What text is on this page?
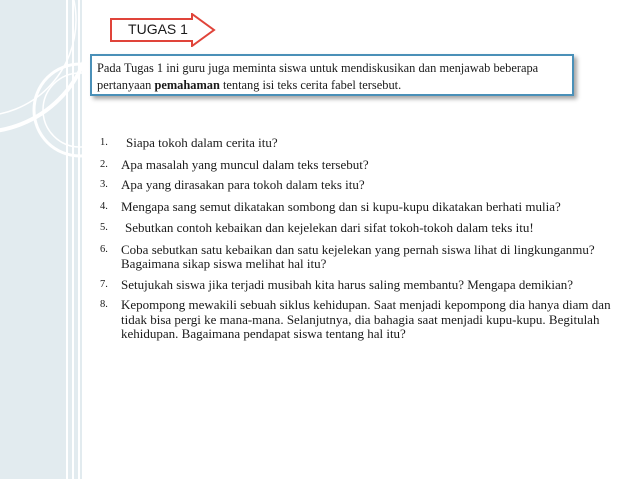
TUGAS 1
Pada Tugas 1 ini guru juga meminta siswa untuk mendiskusikan dan menjawab beberapa pertanyaan pemahaman tentang isi teks cerita fabel tersebut.
1.	Siapa tokoh dalam cerita itu?
2.	Apa masalah yang muncul dalam teks tersebut?
3.	Apa yang dirasakan para tokoh dalam teks itu?
4.	Mengapa sang semut dikatakan sombong dan si kupu-kupu dikatakan berhati mulia?
5.	Sebutkan contoh kebaikan dan kejelekan dari sifat tokoh-tokoh dalam teks itu!
6.	Coba sebutkan satu kebaikan dan satu kejelekan yang pernah siswa lihat di lingkunganmu? Bagaimana sikap siswa melihat hal itu?
7.	Setujukah siswa jika terjadi musibah kita harus saling membantu? Mengapa demikian?
8.	Kepompong mewakili sebuah siklus kehidupan. Saat menjadi kepompong dia hanya diam dan tidak bisa pergi ke mana-mana. Selanjutnya, dia bahagia saat menjadi kupu-kupu. Begitulah kehidupan. Bagaimana pendapat siswa tentang hal itu?
